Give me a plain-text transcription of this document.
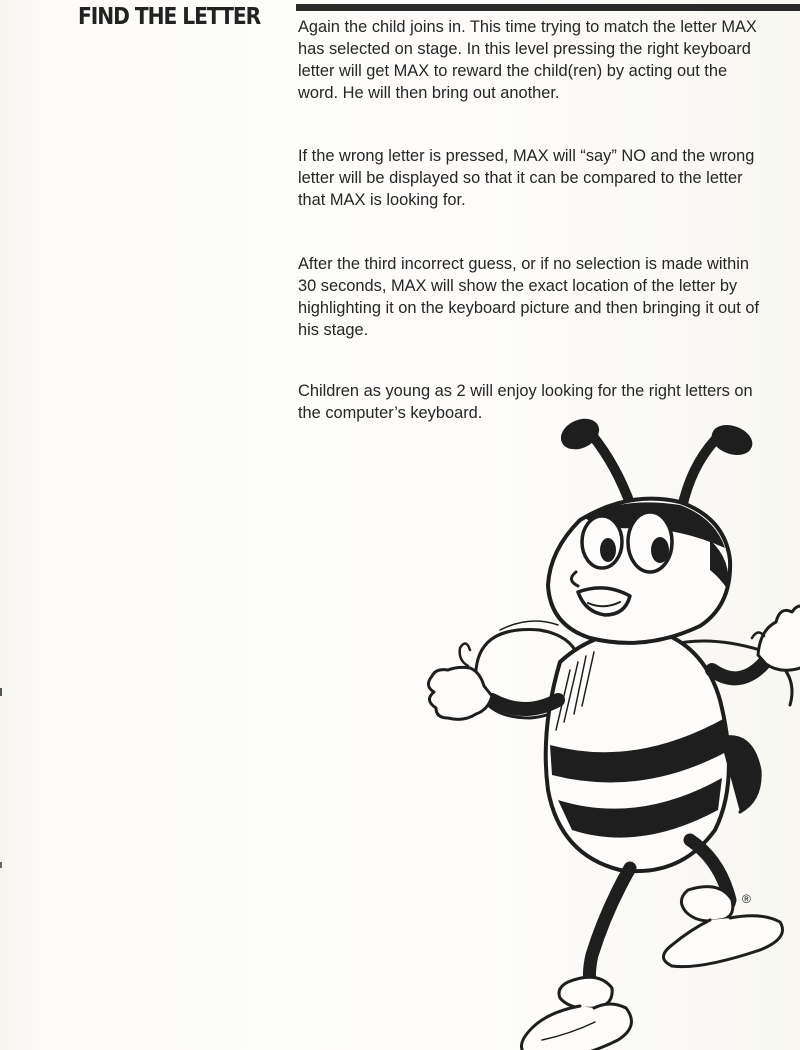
FIND THE LETTER Again the child joins in. This time trying to match the letter MAX
has selected on stage. In this level pressing the right keyboard
letter will get MAX to reward the child(ren) by acting out the
word. He will then bring out another.

If the wrong letter is pressed, MAX will “say” NO and the wrong
letter will be displayed so that it can be compared to the letter
that MAX is looking for.

After the third incorrect guess, or if no selection is made within
30 seconds, MAX will show the exact location of the letter by
highlighting it on the keyboard picture and then bringing it out of
his stage.

Children as young as 2 will enjoy looking for the right letters on
the computer’s keyboard.

®
